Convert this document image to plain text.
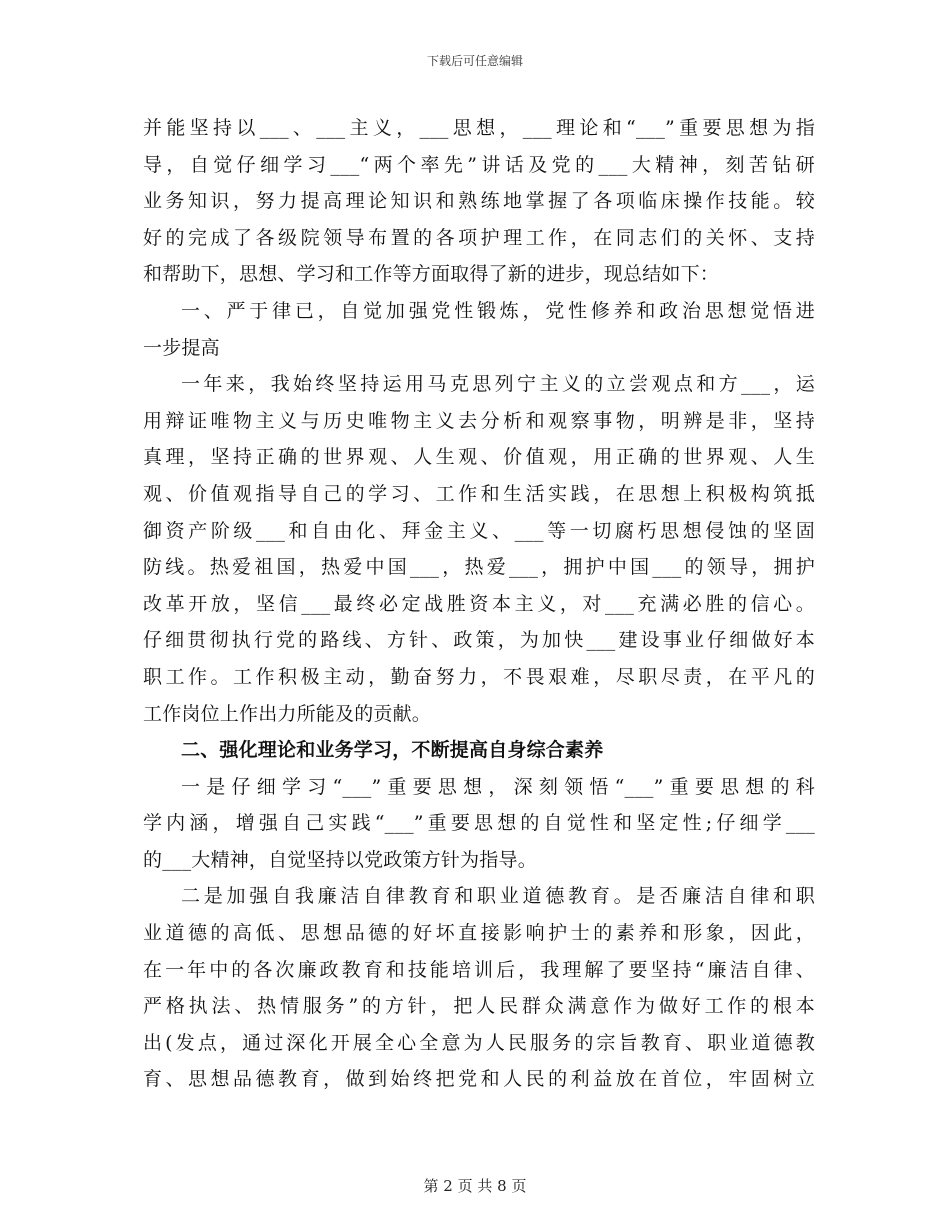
下载后可任意编辑
并能坚持以___、___主义，___思想，___理论和“___”重要思想为指
导，自觉仔细学习___“两个率先”讲话及党的___大精神，刻苦钻研
业务知识，努力提高理论知识和熟练地掌握了各项临床操作技能。较
好的完成了各级院领导布置的各项护理工作，在同志们的关怀、支持
和帮助下，思想、学习和工作等方面取得了新的进步，现总结如下：
一、严于律已，自觉加强党性锻炼，党性修养和政治思想觉悟进
一步提高
一年来，我始终坚持运用马克思列宁主义的立尝观点和方___，运
用辩证唯物主义与历史唯物主义去分析和观察事物，明辨是非，坚持
真理，坚持正确的世界观、人生观、价值观，用正确的世界观、人生
观、价值观指导自己的学习、工作和生活实践，在思想上积极构筑抵
御资产阶级___和自由化、拜金主义、___等一切腐朽思想侵蚀的坚固
防线。热爱祖国，热爱中国___，热爱___，拥护中国___的领导，拥护
改革开放，坚信___最终必定战胜资本主义，对___充满必胜的信心。
仔细贯彻执行党的路线、方针、政策，为加快___建设事业仔细做好本
职工作。工作积极主动，勤奋努力，不畏艰难，尽职尽责，在平凡的
工作岗位上作出力所能及的贡献。
二、强化理论和业务学习，不断提高自身综合素养
一是仔细学习“___”重要思想，深刻领悟“___”重要思想的科
学内涵，增强自己实践“___”重要思想的自觉性和坚定性;仔细学___
的___大精神，自觉坚持以党政策方针为指导。
二是加强自我廉洁自律教育和职业道德教育。是否廉洁自律和职
业道德的高低、思想品德的好坏直接影响护士的素养和形象，因此，
在一年中的各次廉政教育和技能培训后，我理解了要坚持“廉洁自律、
严格执法、热情服务”的方针，把人民群众满意作为做好工作的根本
出(发点，通过深化开展全心全意为人民服务的宗旨教育、职业道德教
育、思想品德教育，做到始终把党和人民的利益放在首位，牢固树立
第 2 页 共 8 页
